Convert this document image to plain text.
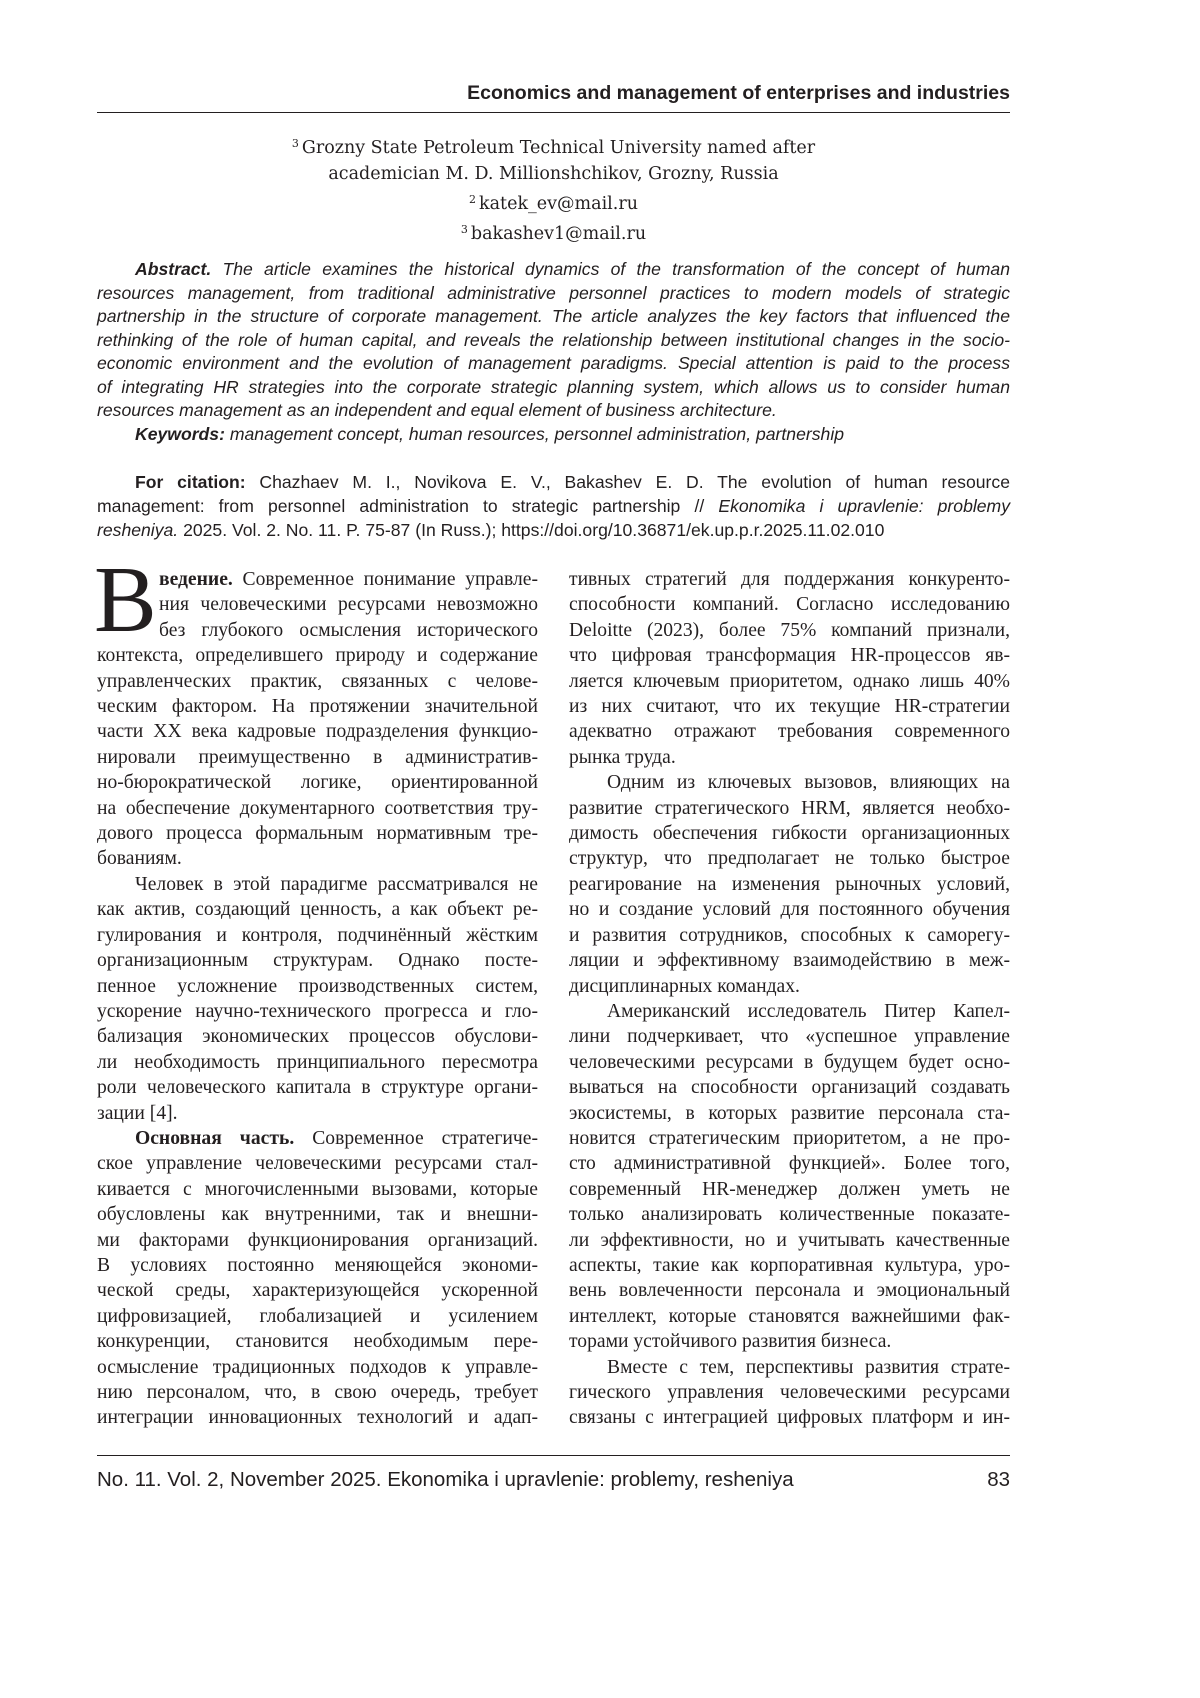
Economics and management of enterprises and industries
3 Grozny State Petroleum Technical University named after
academician M. D. Millionshchikov, Grozny, Russia
2 katek_ev@mail.ru
3 bakashev1@mail.ru
Abstract. The article examines the historical dynamics of the transformation of the concept of human
resources management, from traditional administrative personnel practices to modern models of strategic
partnership in the structure of corporate management. The article analyzes the key factors that influenced the
rethinking of the role of human capital, and reveals the relationship between institutional changes in the socio-
economic environment and the evolution of management paradigms. Special attention is paid to the process
of integrating HR strategies into the corporate strategic planning system, which allows us to consider human
resources management as an independent and equal element of business architecture.
Keywords: management concept, human resources, personnel administration, partnership
For citation: Chazhaev M. I., Novikova E. V., Bakashev E. D. The evolution of human resource
management: from personnel administration to strategic partnership // Ekonomika i upravlenie: problemy
resheniya. 2025. Vol. 2. No. 11. P. 75-87 (In Russ.); https://doi.org/10.36871/ek.up.p.r.2025.11.02.010
В ведение. Современное понимание управле-
ния человеческими ресурсами невозможно
без глубокого осмысления исторического
контекста, определившего природу и содержание
управленческих практик, связанных с челове-
ческим фактором. На протяжении значительной
части XX века кадровые подразделения функцио-
нировали преимущественно в административ-
но-бюрократической логике, ориентированной
на обеспечение документарного соответствия тру-
дового процесса формальным нормативным тре-
бованиям.
Человек в этой парадигме рассматривался не
как актив, создающий ценность, а как объект ре-
гулирования и контроля, подчинённый жёстким
организационным структурам. Однако посте-
пенное усложнение производственных систем,
ускорение научно-технического прогресса и гло-
бализация экономических процессов обуслови-
ли необходимость принципиального пересмотра
роли человеческого капитала в структуре органи-
зации [4].
Основная часть. Современное стратегиче-
ское управление человеческими ресурсами стал-
кивается с многочисленными вызовами, которые
обусловлены как внутренними, так и внешни-
ми факторами функционирования организаций.
В условиях постоянно меняющейся экономи-
ческой среды, характеризующейся ускоренной
цифровизацией, глобализацией и усилением
конкуренции, становится необходимым пере-
осмысление традиционных подходов к управле-
нию персоналом, что, в свою очередь, требует
интеграции инновационных технологий и адап-
тивных стратегий для поддержания конкуренто-
способности компаний. Согласно исследованию
Deloitte (2023), более 75% компаний признали,
что цифровая трансформация HR-процессов яв-
ляется ключевым приоритетом, однако лишь 40%
из них считают, что их текущие HR-стратегии
адекватно отражают требования современного
рынка труда.
Одним из ключевых вызовов, влияющих на
развитие стратегического HRM, является необхо-
димость обеспечения гибкости организационных
структур, что предполагает не только быстрое
реагирование на изменения рыночных условий,
но и создание условий для постоянного обучения
и развития сотрудников, способных к саморегу-
ляции и эффективному взаимодействию в меж-
дисциплинарных командах.
Американский исследователь Питер Капел-
лини подчеркивает, что «успешное управление
человеческими ресурсами в будущем будет осно-
вываться на способности организаций создавать
экосистемы, в которых развитие персонала ста-
новится стратегическим приоритетом, а не про-
сто административной функцией». Более того,
современный HR-менеджер должен уметь не
только анализировать количественные показате-
ли эффективности, но и учитывать качественные
аспекты, такие как корпоративная культура, уро-
вень вовлеченности персонала и эмоциональный
интеллект, которые становятся важнейшими фак-
торами устойчивого развития бизнеса.
Вместе с тем, перспективы развития страте-
гического управления человеческими ресурсами
связаны с интеграцией цифровых платформ и ин-
No. 11. Vol. 2, November 2025. Ekonomika i upravlenie: problemy, resheniya	83
